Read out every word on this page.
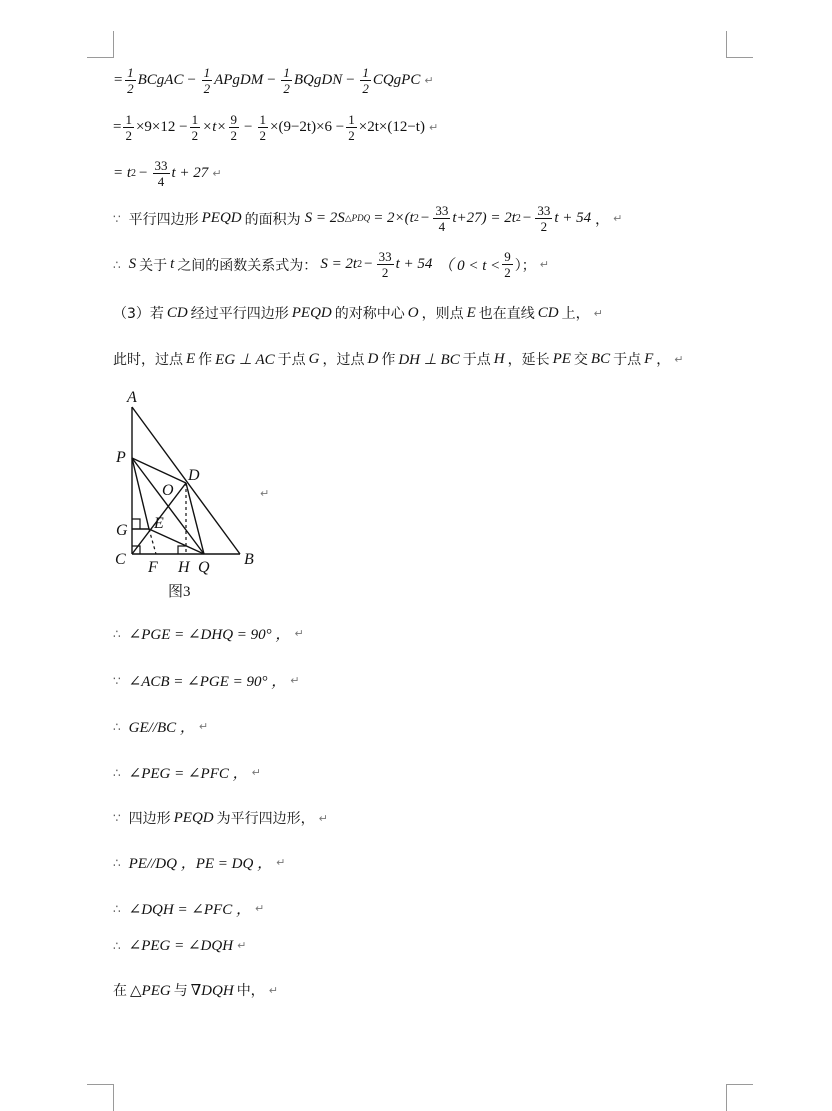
= $\frac{1}{2}$ BCgAC − $\frac{1}{2}$ APgDM − $\frac{1}{2}$ BQgDN − $\frac{1}{2}$ CQgPC ↵
= $\frac{1}{2} \times 9\times 12 - \frac{1}{2} \times t\times \frac{9}{2} - \frac{1}{2} \times(9-2t)\times 6 - \frac{1}{2} \times 2t\times(12-t)$ ↵
= t $2 - \frac{33}{4}$ t + 27 ↵
∵ 平行四边形 PEQD 的面积为 S = 2S △PDQ = 2×(t $2 - \frac{33}{4} t+27) = 2t$ $2 - \frac{33}{2}$ t + 54 ， ↵
∴ S 关于 t 之间的函数关系式为： S = 2t $2 - \frac{33}{2}$ t + 54 （ $0 < t < \frac{9}{2}$ ）； ↵
（3）若 CD 经过平行四边形 PEQD 的对称中心 O ，则点 E 也在直线 CD 上， ↵
此时，过点 E 作 EG ⊥ AC 于点 G ，过点 D 作 DH ⊥ BC 于点 H ，延长 PE 交 BC 于点 F ， ↵
A
P
D
O
G E
C F H Q B
图3
↵
∴ ∠PGE = ∠DHQ = 90° ， ↵
∵ ∠ACB = ∠PGE = 90° ， ↵
∴ GE//BC ， ↵
∴ ∠PEG = ∠PFC ， ↵
∵ 四边形 PEQD 为平行四边形， ↵
∴ PE//DQ ，PE = DQ ， ↵
∴ ∠DQH = ∠PFC ， ↵
∴ ∠PEG = ∠DQH ↵
在 △PEG 与 ∇DQH 中， ↵
